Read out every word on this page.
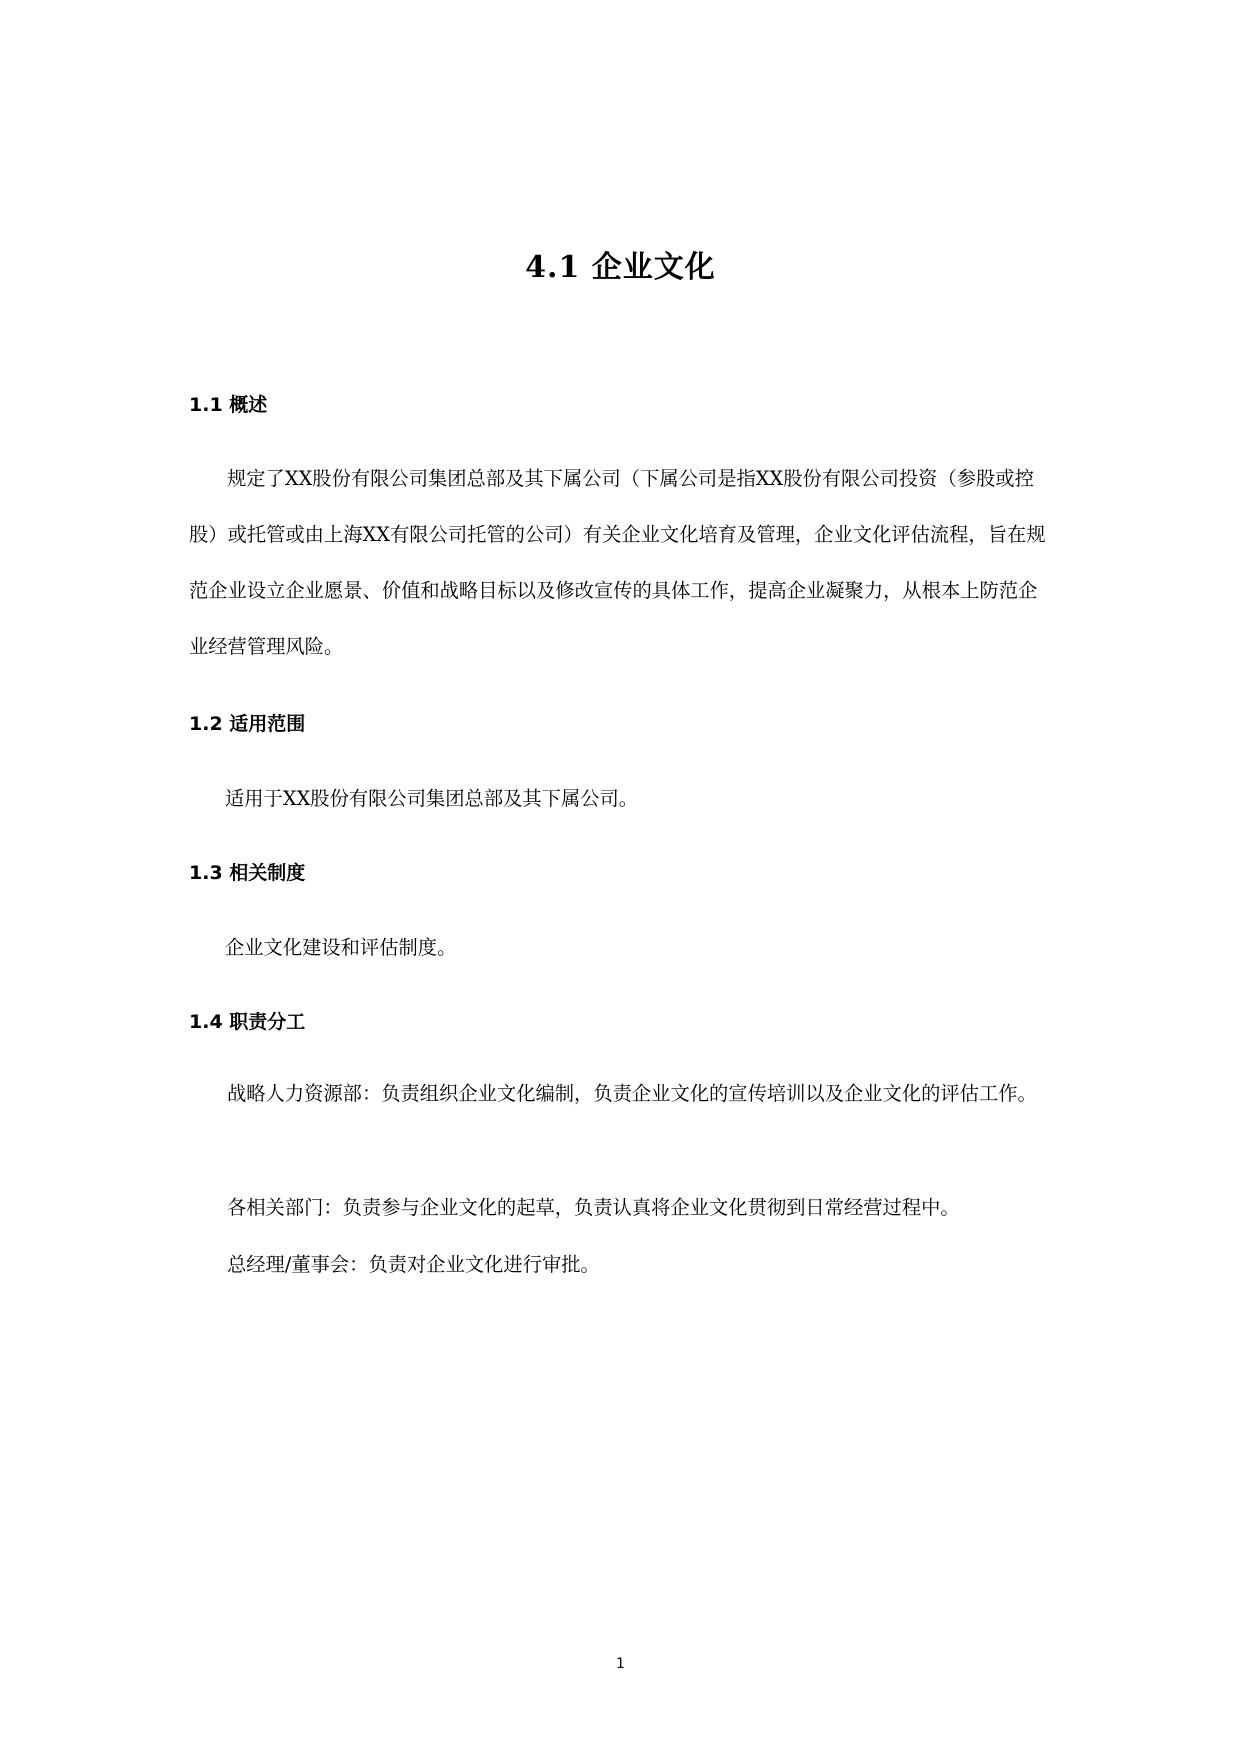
4.1 企业文化
1.1 概述

规定了XX股份有限公司集团总部及其下属公司（下属公司是指XX股份有限公司投资（参股或控股）或托管或由上海XX有限公司托管的公司）有关企业文化培育及管理，企业文化评估流程，旨在规范企业设立企业愿景、价值和战略目标以及修改宣传的具体工作，提高企业凝聚力，从根本上防范企业经营管理风险。

1.2 适用范围

适用于XX股份有限公司集团总部及其下属公司。

1.3 相关制度

企业文化建设和评估制度。

1.4 职责分工

战略人力资源部：负责组织企业文化编制，负责企业文化的宣传培训以及企业文化的评估工作。

各相关部门：负责参与企业文化的起草，负责认真将企业文化贯彻到日常经营过程中。

总经理/董事会：负责对企业文化进行审批。

1
